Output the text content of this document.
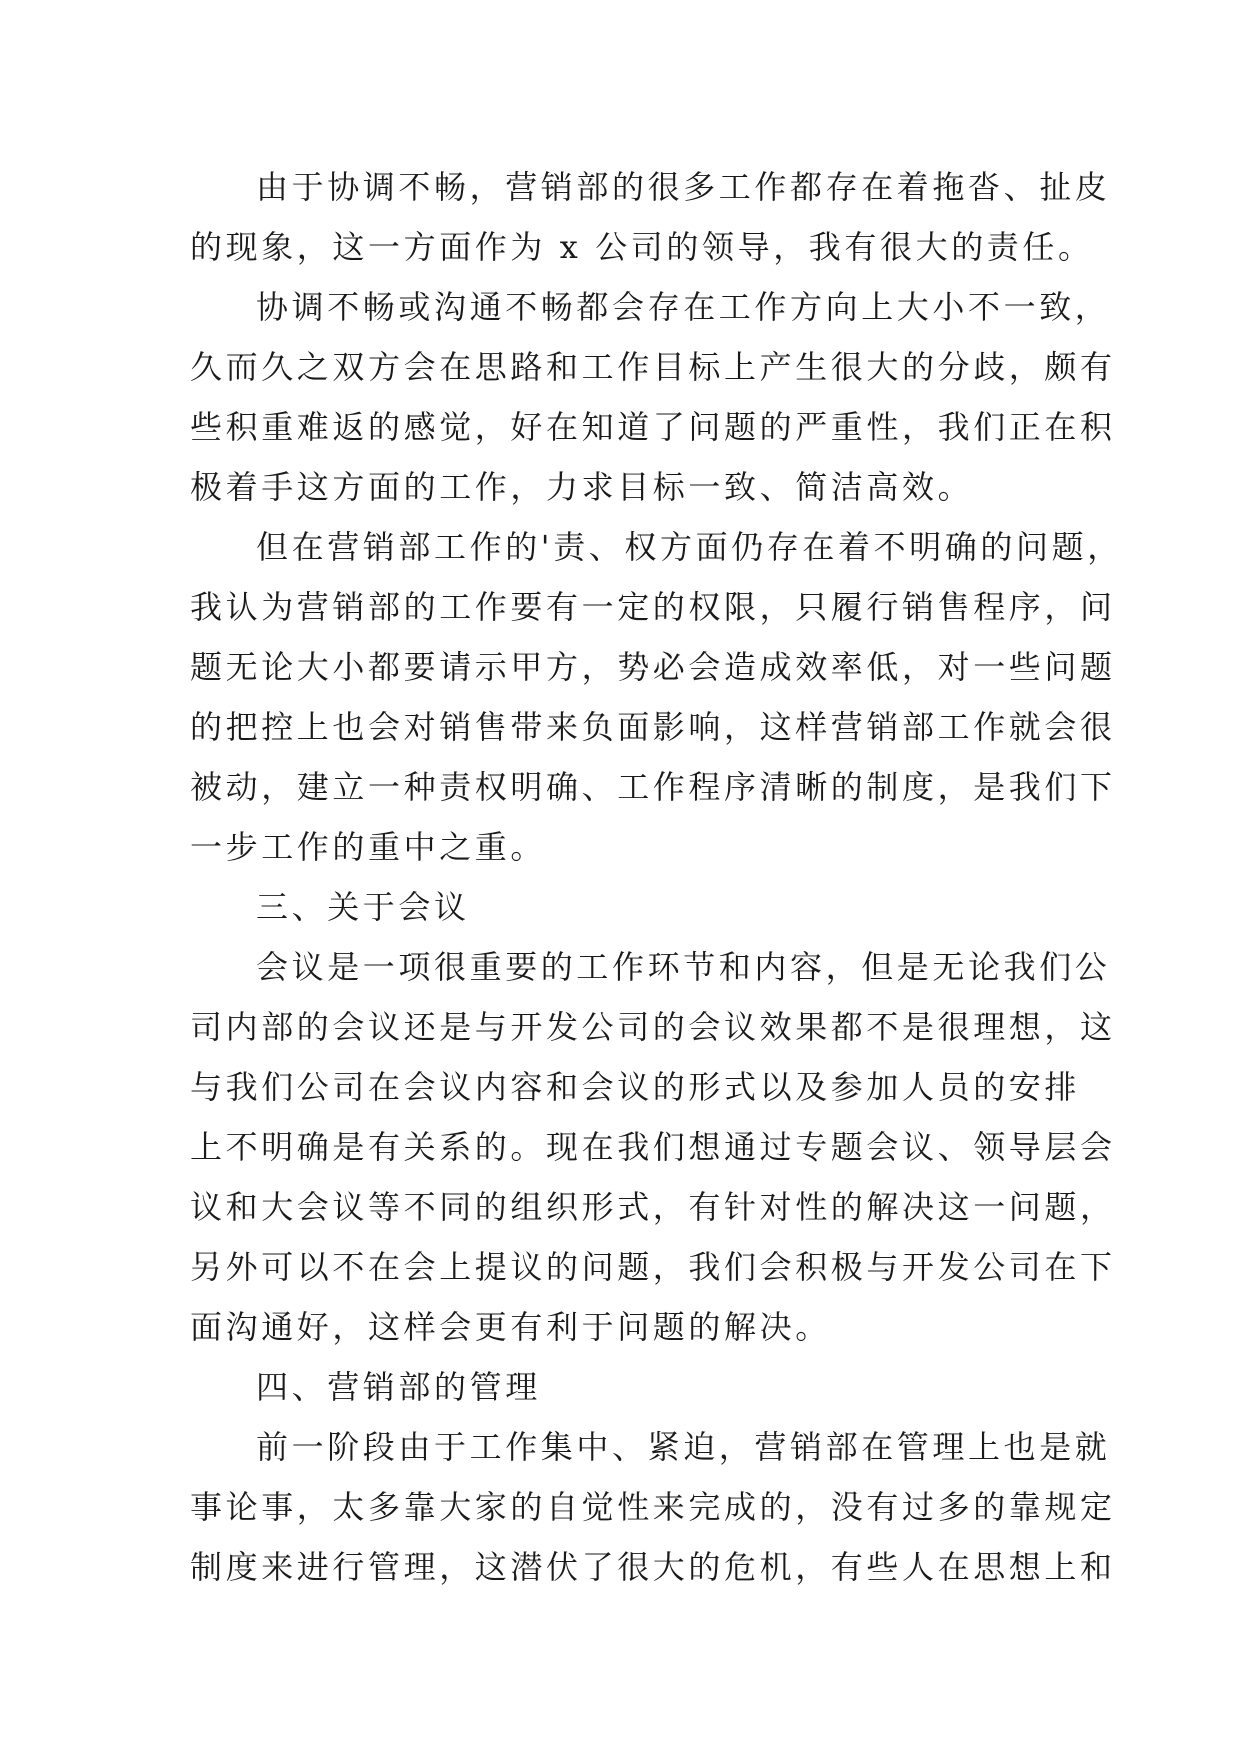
由于协调不畅，营销部的很多工作都存在着拖沓、扯皮
的现象，这一方面作为 x 公司的领导，我有很大的责任。
协调不畅或沟通不畅都会存在工作方向上大小不一致，
久而久之双方会在思路和工作目标上产生很大的分歧，颇有
些积重难返的感觉，好在知道了问题的严重性，我们正在积
极着手这方面的工作，力求目标一致、简洁高效。
但在营销部工作的'责、权方面仍存在着不明确的问题，
我认为营销部的工作要有一定的权限，只履行销售程序，问
题无论大小都要请示甲方，势必会造成效率低，对一些问题
的把控上也会对销售带来负面影响，这样营销部工作就会很
被动，建立一种责权明确、工作程序清晰的制度，是我们下
一步工作的重中之重。
三、关于会议
会议是一项很重要的工作环节和内容，但是无论我们公
司内部的会议还是与开发公司的会议效果都不是很理想，这
与我们公司在会议内容和会议的形式以及参加人员的安排
上不明确是有关系的。现在我们想通过专题会议、领导层会
议和大会议等不同的组织形式，有针对性的解决这一问题，
另外可以不在会上提议的问题，我们会积极与开发公司在下
面沟通好，这样会更有利于问题的解决。
四、营销部的管理
前一阶段由于工作集中、紧迫，营销部在管理上也是就
事论事，太多靠大家的自觉性来完成的，没有过多的靠规定
制度来进行管理，这潜伏了很大的危机，有些人在思想上和
